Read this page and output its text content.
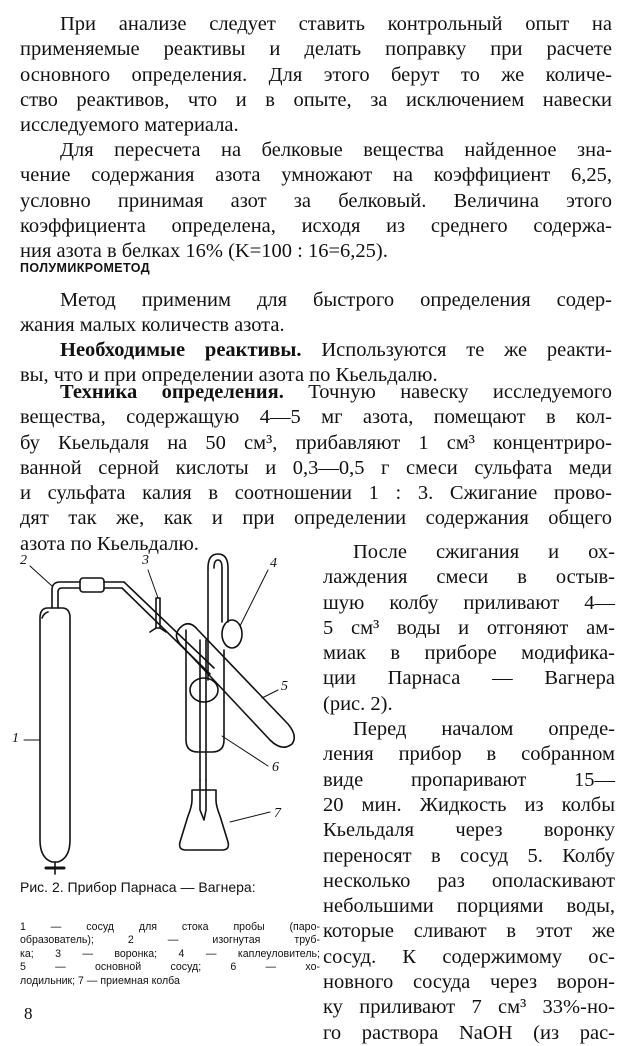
При анализе следует ставить контрольный опыт на
применяемые реактивы и делать поправку при расчете
основного определения. Для этого берут то же количе-
ство реактивов, что и в опыте, за исключением навески
исследуемого материала.
Для пересчета на белковые вещества найденное зна-
чение содержания азота умножают на коэффициент 6,25,
условно принимая азот за белковый. Величина этого
коэффициента определена, исходя из среднего содержа-
ния азота в белках 16% (K=100 : 16=6,25).
ПОЛУМИКРОМЕТОД
Метод применим для быстрого определения содер-
жания малых количеств азота.
Необходимые реактивы. Используются те же реакти-
вы, что и при определении азота по Кьельдалю.
Техника определения. Точную навеску исследуемого
вещества, содержащую 4—5 мг азота, помещают в кол-
бу Кьельдаля на 50 см³, прибавляют 1 см³ концентриро-
ванной серной кислоты и 0,3—0,5 г смеси сульфата меди
и сульфата калия в соотношении 1 : 3. Сжигание прово-
дят так же, как и при определении содержания общего
азота по Кьельдалю.
2	3	4
5
1
6
7
Рис. 2. Прибор Парнаса — Вагнера:
1 — сосуд для стока пробы (паро-
образователь); 2 — изогнутая труб-
ка; 3 — воронка; 4 — каплеуловитель;
5 — основной сосуд; 6 — хо-
лодильник; 7 — приемная колба
После сжигания и ох-
лаждения смеси в остыв-
шую колбу приливают 4—
5 см³ воды и отгоняют ам-
миак в приборе модифика-
ции Парнаса — Вагнера
(рис. 2).
Перед началом опреде-
ления прибор в собранном
виде пропаривают 15—
20 мин. Жидкость из колбы
Кьельдаля через воронку
переносят в сосуд 5. Колбу
несколько раз ополаскивают
небольшими порциями воды,
которые сливают в этот же
сосуд. К содержимому ос-
новного сосуда через ворон-
ку приливают 7 см³ 33%-но-
го раствора NaOH (из рас-
8
